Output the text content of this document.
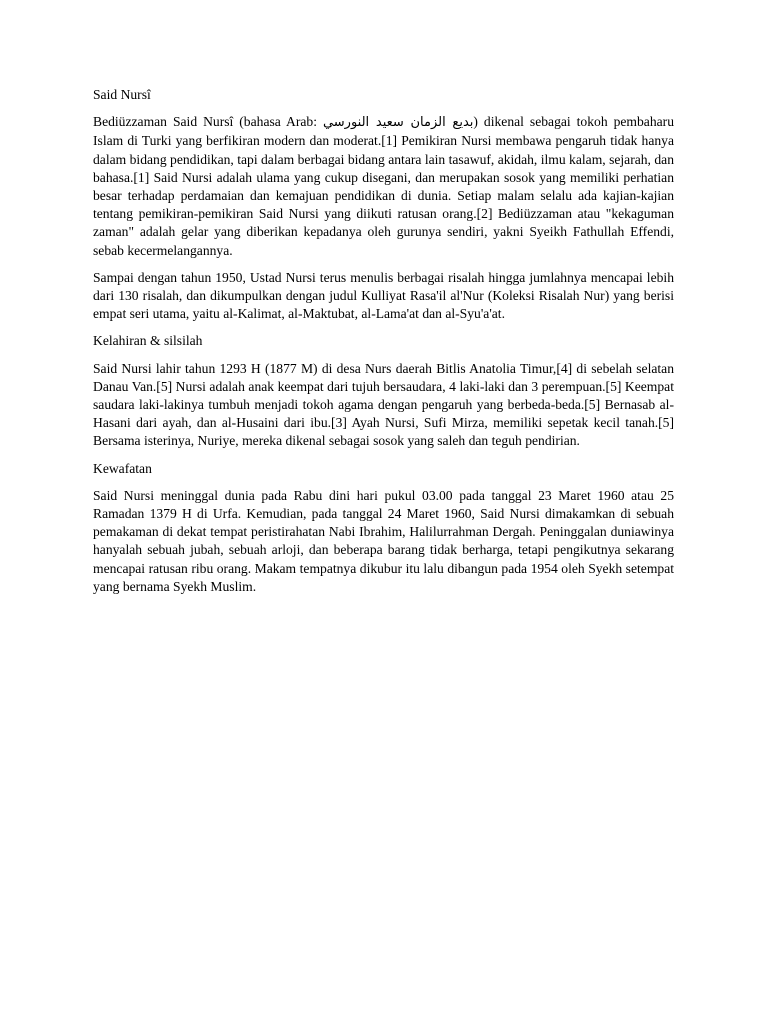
Said Nursî

Bediüzzaman Said Nursî (bahasa Arab: بديع الزمان سعيد النورسي) dikenal sebagai tokoh pembaharu Islam di Turki yang berfikiran modern dan moderat.[1] Pemikiran Nursi membawa pengaruh tidak hanya dalam bidang pendidikan, tapi dalam berbagai bidang antara lain tasawuf, akidah, ilmu kalam, sejarah, dan bahasa.[1] Said Nursi adalah ulama yang cukup disegani, dan merupakan sosok yang memiliki perhatian besar terhadap perdamaian dan kemajuan pendidikan di dunia. Setiap malam selalu ada kajian-kajian tentang pemikiran-pemikiran Said Nursi yang diikuti ratusan orang.[2] Bediüzzaman atau "kekaguman zaman" adalah gelar yang diberikan kepadanya oleh gurunya sendiri, yakni Syeikh Fathullah Effendi, sebab kecermelangannya.

Sampai dengan tahun 1950, Ustad Nursi terus menulis berbagai risalah hingga jumlahnya mencapai lebih dari 130 risalah, dan dikumpulkan dengan judul Kulliyat Rasa'il al'Nur (Koleksi Risalah Nur) yang berisi empat seri utama, yaitu al-Kalimat, al-Maktubat, al-Lama'at dan al-Syu'a'at.

Kelahiran & silsilah

Said Nursi lahir tahun 1293 H (1877 M) di desa Nurs daerah Bitlis Anatolia Timur,[4] di sebelah selatan Danau Van.[5] Nursi adalah anak keempat dari tujuh bersaudara, 4 laki-laki dan 3 perempuan.[5] Keempat saudara laki-lakinya tumbuh menjadi tokoh agama dengan pengaruh yang berbeda-beda.[5] Bernasab al-Hasani dari ayah, dan al-Husaini dari ibu.[3] Ayah Nursi, Sufi Mirza, memiliki sepetak kecil tanah.[5] Bersama isterinya, Nuriye, mereka dikenal sebagai sosok yang saleh dan teguh pendirian.

Kewafatan

Said Nursi meninggal dunia pada Rabu dini hari pukul 03.00 pada tanggal 23 Maret 1960 atau 25 Ramadan 1379 H di Urfa. Kemudian, pada tanggal 24 Maret 1960, Said Nursi dimakamkan di sebuah pemakaman di dekat tempat peristirahatan Nabi Ibrahim, Halilurrahman Dergah. Peninggalan duniawinya hanyalah sebuah jubah, sebuah arloji, dan beberapa barang tidak berharga, tetapi pengikutnya sekarang mencapai ratusan ribu orang. Makam tempatnya dikubur itu lalu dibangun pada 1954 oleh Syekh setempat yang bernama Syekh Muslim.
